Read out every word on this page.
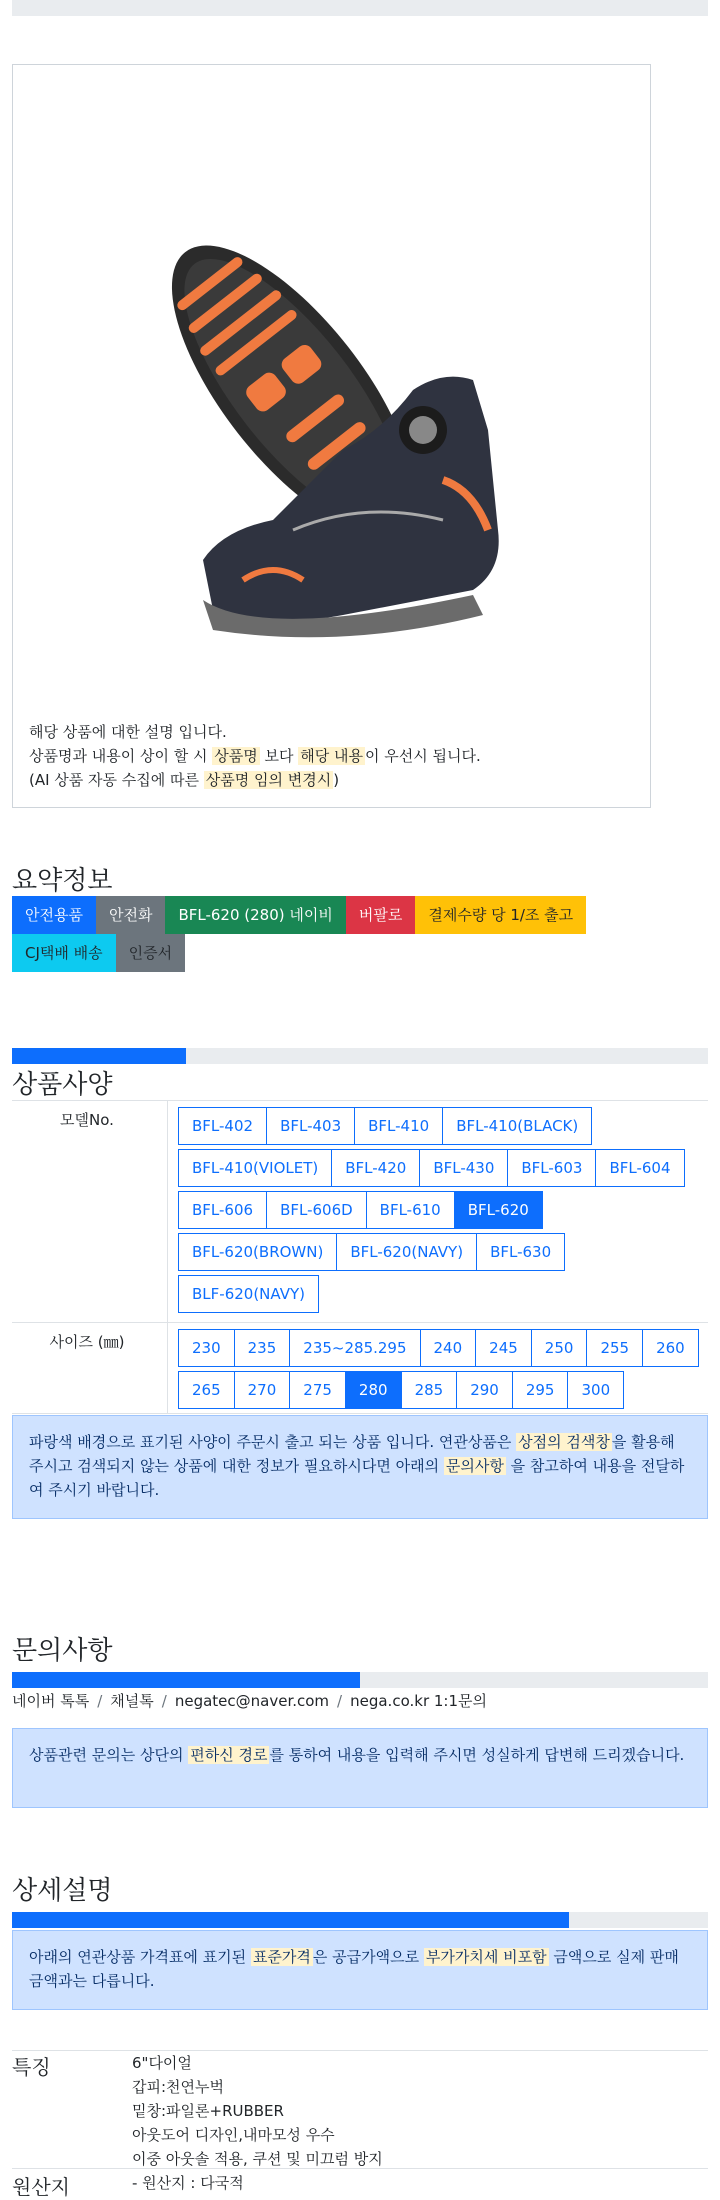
해당 상품에 대한 설명 입니다.
상품명과 내용이 상이 할 시 상품명 보다 해당 내용 이 우선시 됩니다.
(AI 상품 자동 수집에 따른 상품명 임의 변경시 )
요약정보
안전용품	안전화	BFL-620 (280) 네이비	버팔로	결제수량 당 1/조 출고
CJ택배 배송	인증서
상품사양
모델No.	BFL-402	BFL-403	BFL-410	BFL-410(BLACK)
BFL-410(VIOLET)	BFL-420	BFL-430	BFL-603	BFL-604
BFL-606	BFL-606D	BFL-610	BFL-620
BFL-620(BROWN)	BFL-620(NAVY)	BFL-630
BLF-620(NAVY)
사이즈 (㎜)	230	235	235~285.295	240	245	250	255	260
265	270	275	280	285	290	295	300
파랑색 배경으로 표기된 사양이 주문시 출고 되는 상품 입니다. 연관상품은 상점의 검색창 을 활용해 주시고 검색되지 않는 상품에 대한 정보가 필요하시다면 아래의 문의사항 을 참고하여 내용을 전달하여 주시기 바랍니다.
문의사항
네이버 톡톡 / 채널톡 / negatec@naver.com / nega.co.kr 1:1문의
상품관련 문의는 상단의 편하신 경로 를 통하여 내용을 입력해 주시면 성실하게 답변해 드리겠습니다.
상세설명
아래의 연관상품 가격표에 표기된 표준가격 은 공급가액으로 부가가치세 비포함 금액으로 실제 판매금액과는 다릅니다.
특징	6"다이얼
갑피:천연누벅
밑창:파일론+RUBBER
아웃도어 디자인,내마모성 우수
이중 아웃솔 적용, 쿠션 및 미끄럼 방지
원산지	- 원산지 : 다국적
